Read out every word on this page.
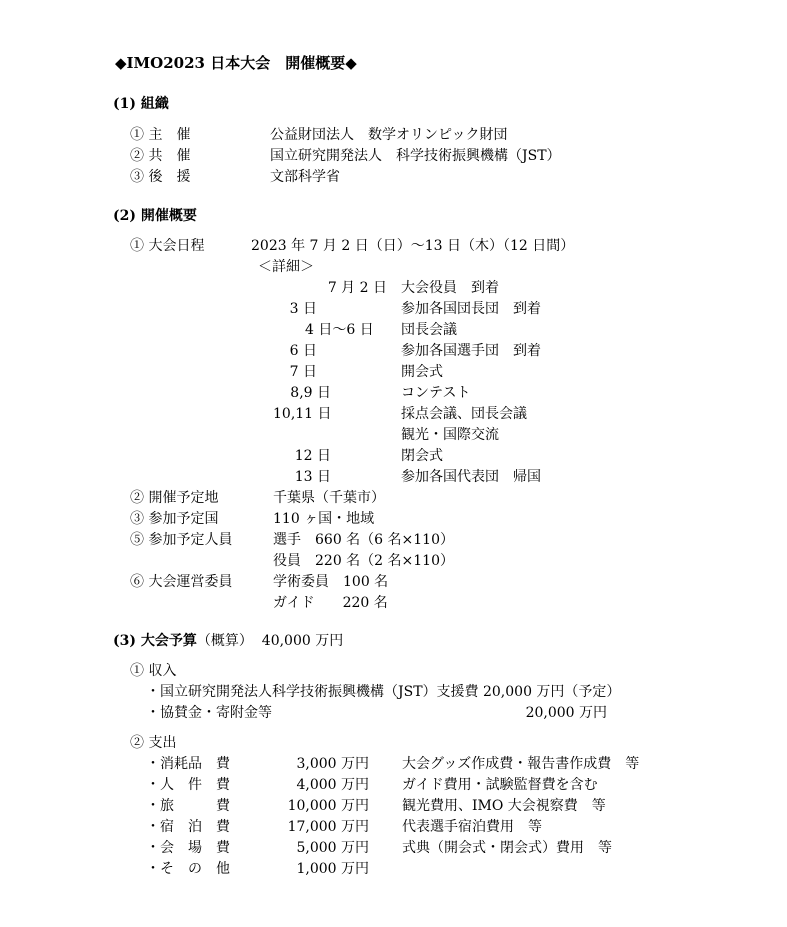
◆IMO2023 日本大会　開催概要◆
(1) 組織
① 主　催	公益財団法人　数学オリンピック財団
② 共　催	国立研究開発法人　科学技術振興機構（JST）
③ 後　援	文部科学省
(2) 開催概要
① 大会日程	2023 年 7 月 2 日（日）～13 日（木）（12 日間）
＜詳細＞
7 月 2 日 大会役員　到着
3 日	参加各国団長団　到着
4 日～6 日 団長会議
6 日	参加各国選手団　到着
7 日	開会式
8,9 日	コンテスト
10,11 日	採点会議、団長会議
観光・国際交流
12 日	閉会式
13 日	参加各国代表団　帰国
② 開催予定地	千葉県（千葉市）
③ 参加予定国	110 ヶ国・地域
⑤ 参加予定人員	選手　660 名（6 名×110）
役員　220 名（2 名×110）
⑥ 大会運営委員	学術委員　100 名
ガイド　　220 名
(3) 大会予算（概算） 40,000 万円
① 収入
・国立研究開発法人科学技術振興機構（JST）支援費 20,000 万円（予定）
・協賛金・寄附金等	20,000 万円
② 支出
・消耗品　費	3,000 万円 大会グッズ作成費・報告書作成費　等
・人　件　費	4,000 万円 ガイド費用・試験監督費を含む
・旅　　　費	10,000 万円 観光費用、IMO 大会視察費　等
・宿　泊　費	17,000 万円 代表選手宿泊費用　等
・会　場　費	5,000 万円 式典（開会式・閉会式）費用　等
・そ　の　他	1,000 万円
